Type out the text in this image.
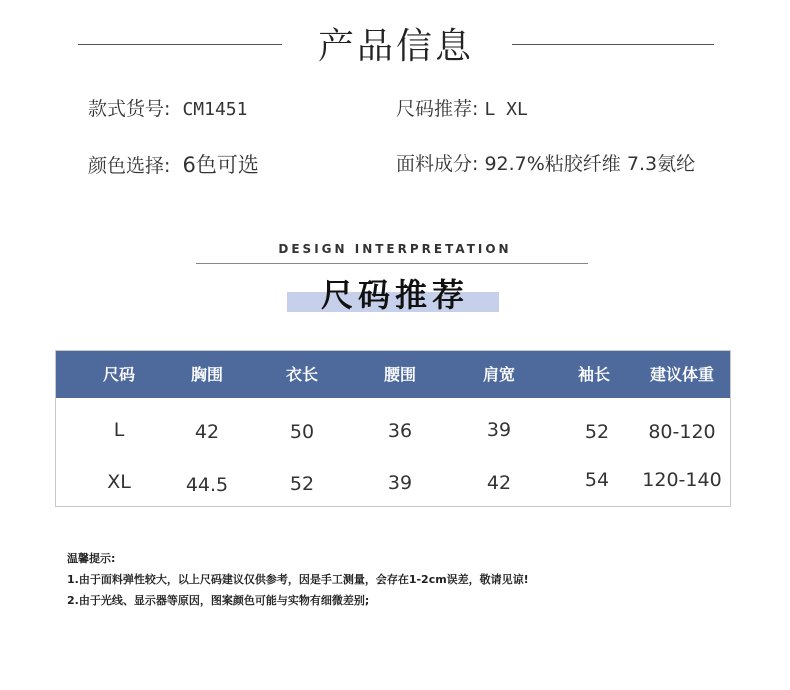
产品信息
款式货号: CM1451	尺码推荐: L XL
颜色选择: 6色可选	面料成分: 92.7%粘胶纤维 7.3氨纶
DESIGN INTERPRETATION
尺码推荐
尺码	胸围	衣长	腰围	肩宽	袖长	建议体重
L	42	50	36	39	52	80-120
XL	44.5	52	39	42	54	120-140
温馨提示:
1.由于面料弹性较大，以上尺码建议仅供参考，因是手工测量，会存在1-2cm误差，敬请见谅!
2.由于光线、显示器等原因，图案颜色可能与实物有细微差别;
